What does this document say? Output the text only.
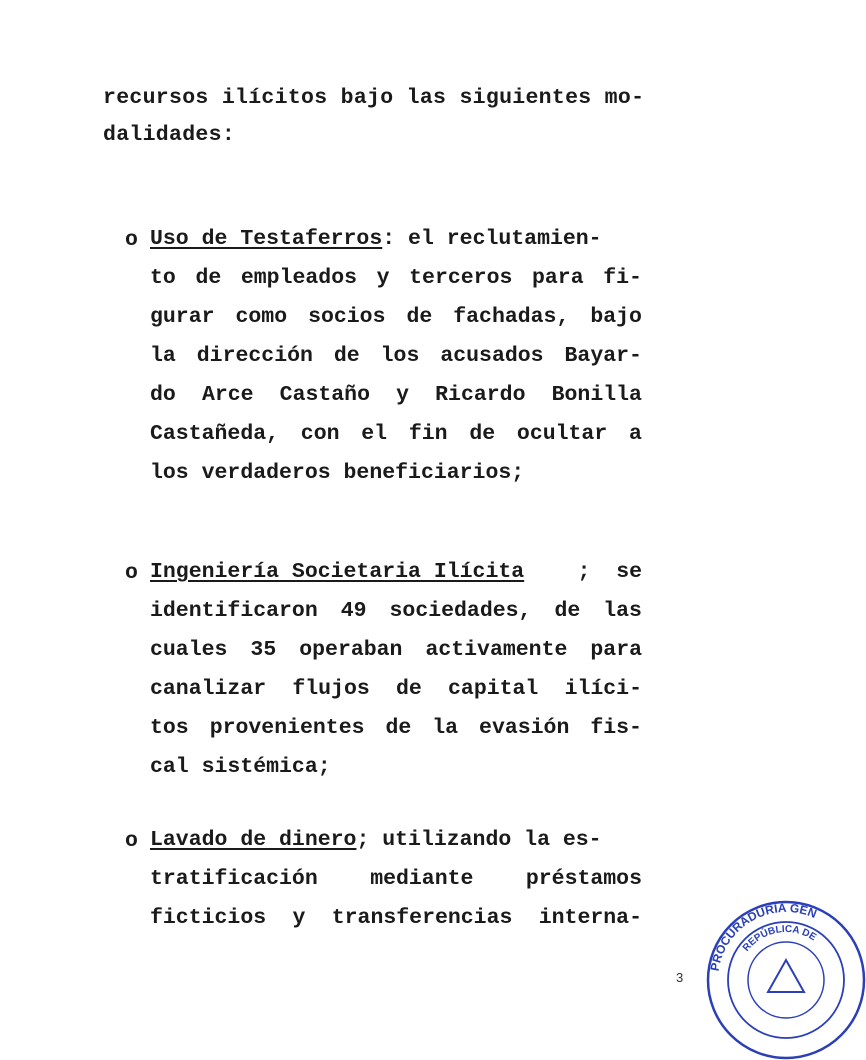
recursos ilícitos bajo las siguientes mo-
dalidades:
o Uso de Testaferros: el reclutamien-
to de empleados y terceros para fi-
gurar como socios de fachadas, bajo
la dirección de los acusados Bayar-
do Arce Castaño y Ricardo Bonilla
Castañeda, con el fin de ocultar a
los verdaderos beneficiarios;
o Ingeniería Societaria Ilícita ;  se
identificaron 49 sociedades, de las
cuales 35 operaban activamente para
canalizar flujos de capital ilíci-
tos provenientes de la evasión fis-
cal sistémica;
o Lavado de dinero; utilizando la es-
tratificación mediante préstamos
ficticios y transferencias interna-
3
PROCURADURÍA GEN
REPÚBLICA DE
